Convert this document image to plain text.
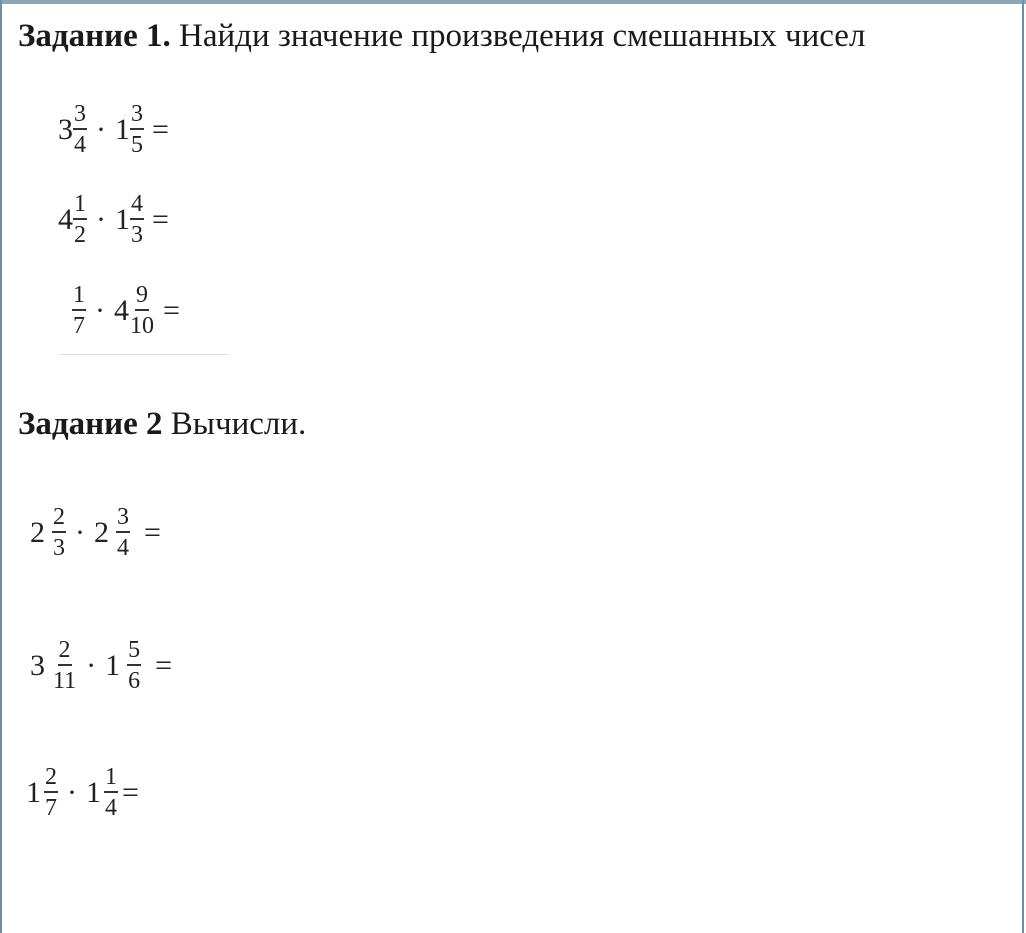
Задание 1. Найди значение произведения смешанных чисел

$3 \frac{3}{4} \cdot 1 \frac{3}{5}$ =
$4 \frac{1}{2} \cdot 1 \frac{4}{3}$ =
$\frac{1}{7} \cdot 4 \frac{9}{10}$ =

Задание 2 Вычисли.

$2 \frac{2}{3} \cdot 2 \frac{3}{4}$ =
$3 \frac{2}{11} \cdot 1 \frac{5}{6}$ =
$1 \frac{2}{7} \cdot 1 \frac{1}{4}$ =
